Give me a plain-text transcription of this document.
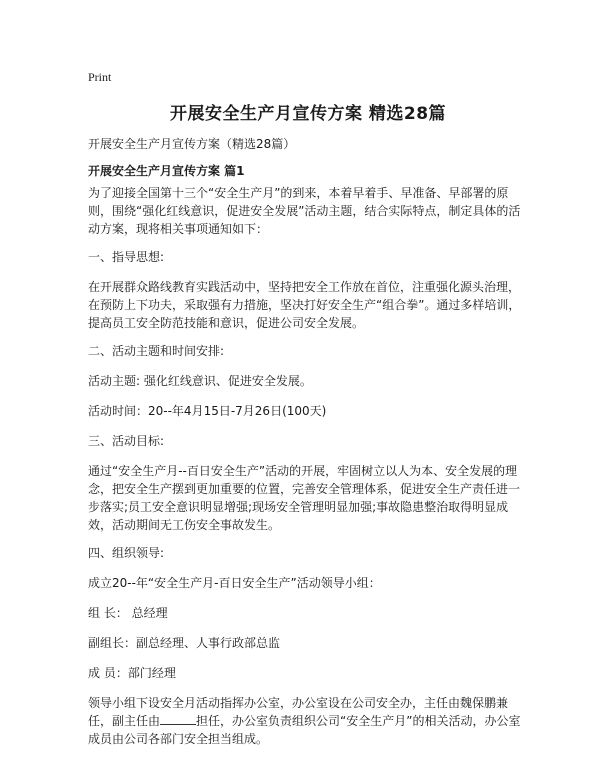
Print
开展安全生产月宣传方案 精选28篇
开展安全生产月宣传方案（精选28篇）
开展安全生产月宣传方案 篇1

为了迎接全国第十三个“安全生产月”的到来，本着早着手、早准备、早部署的原则，围绕“强化红线意识，促进安全发展”活动主题，结合实际特点，制定具体的活动方案，现将相关事项通知如下：

一、指导思想:

在开展群众路线教育实践活动中，坚持把安全工作放在首位，注重强化源头治理，在预防上下功夫，采取强有力措施，坚决打好安全生产“组合拳”。通过多样培训，提高员工安全防范技能和意识，促进公司安全发展。

二、活动主题和时间安排:

活动主题: 强化红线意识、促进安全发展。

活动时间：20--年4月15日-7月26日(100天)

三、活动目标:

通过“安全生产月--百日安全生产”活动的开展，牢固树立以人为本、安全发展的理念，把安全生产摆到更加重要的位置，完善安全管理体系，促进安全生产责任进一步落实;员工安全意识明显增强;现场安全管理明显加强;事故隐患整治取得明显成效，活动期间无工伤安全事故发生。

四、组织领导:

成立20--年“安全生产月-百日安全生产”活动领导小组：

组 长： 总经理

副组长：副总经理、人事行政部总监

成 员：部门经理

领导小组下设安全月活动指挥办公室，办公室设在公司安全办，主任由魏保鹏兼任，副主任由	担任，办公室负责组织公司“安全生产月”的相关活动，办公室成员由公司各部门安全担当组成。
